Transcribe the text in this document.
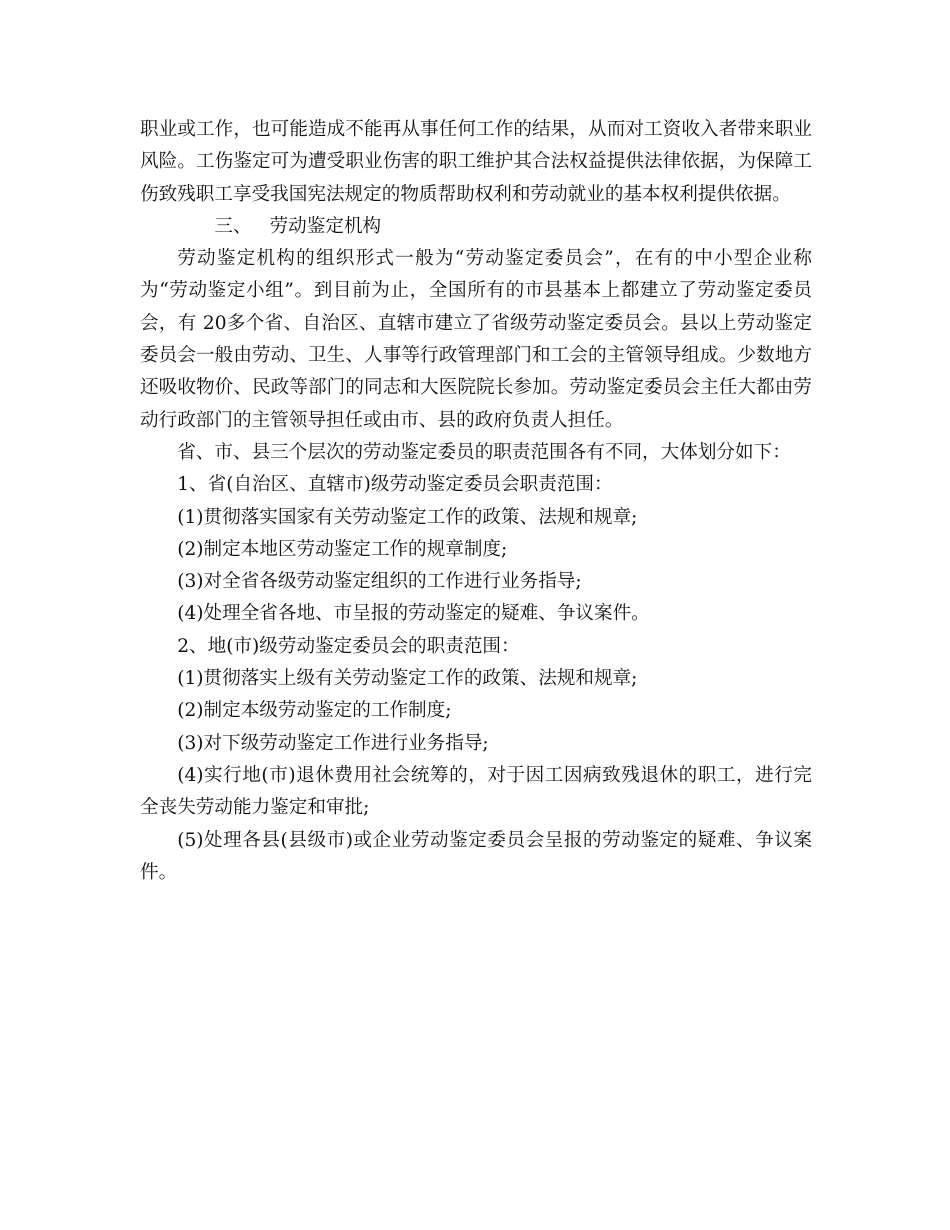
职业或工作，也可能造成不能再从事任何工作的结果，从而对工资收入者带来职业风险。工伤鉴定可为遭受职业伤害的职工维护其合法权益提供法律依据，为保障工伤致残职工享受我国宪法规定的物质帮助权利和劳动就业的基本权利提供依据。

三、 劳动鉴定机构

劳动鉴定机构的组织形式一般为“劳动鉴定委员会”，在有的中小型企业称为“劳动鉴定小组”。到目前为止，全国所有的市县基本上都建立了劳动鉴定委员会，有 20多个省、自治区、直辖市建立了省级劳动鉴定委员会。县以上劳动鉴定委员会一般由劳动、卫生、人事等行政管理部门和工会的主管领导组成。少数地方还吸收物价、民政等部门的同志和大医院院长参加。劳动鉴定委员会主任大都由劳动行政部门的主管领导担任或由市、县的政府负责人担任。

省、市、县三个层次的劳动鉴定委员的职责范围各有不同，大体划分如下：

1、省(自治区、直辖市)级劳动鉴定委员会职责范围：

(1)贯彻落实国家有关劳动鉴定工作的政策、法规和规章;

(2)制定本地区劳动鉴定工作的规章制度;

(3)对全省各级劳动鉴定组织的工作进行业务指导;

(4)处理全省各地、市呈报的劳动鉴定的疑难、争议案件。

2、地(市)级劳动鉴定委员会的职责范围：

(1)贯彻落实上级有关劳动鉴定工作的政策、法规和规章;

(2)制定本级劳动鉴定的工作制度;

(3)对下级劳动鉴定工作进行业务指导;

(4)实行地(市)退休费用社会统筹的，对于因工因病致残退休的职工，进行完全丧失劳动能力鉴定和审批;

(5)处理各县(县级市)或企业劳动鉴定委员会呈报的劳动鉴定的疑难、争议案件。
